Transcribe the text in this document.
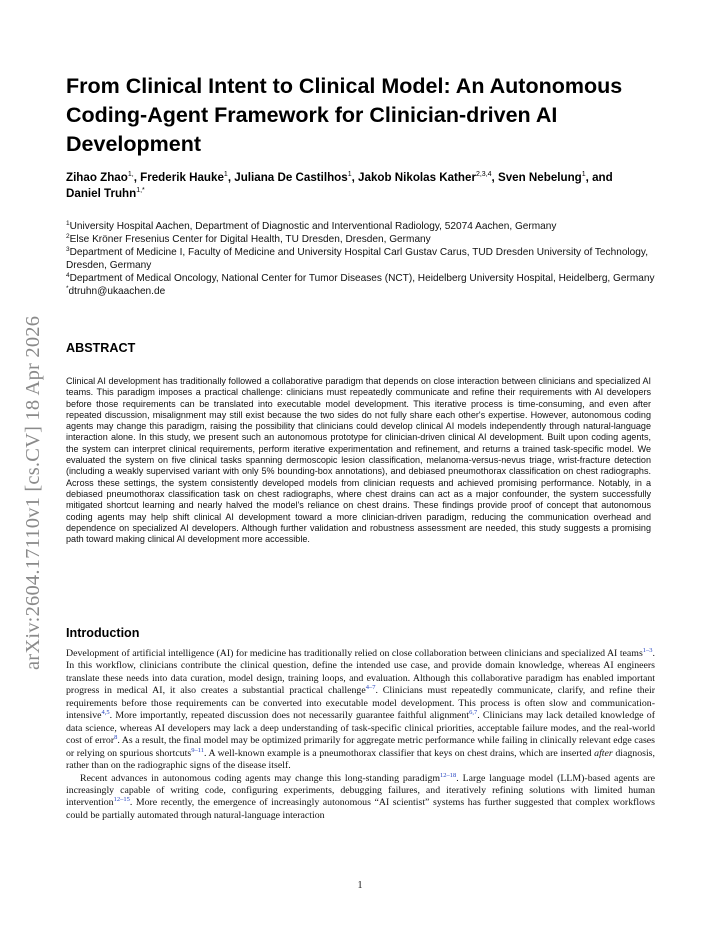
arXiv:2604.17110v1 [cs.CV] 18 Apr 2026
From Clinical Intent to Clinical Model: An Autonomous Coding-Agent Framework for Clinician-driven AI Development
Zihao Zhao$^{1,}$, Frederik Hauke$^1$, Juliana De Castilhos$^1$, Jakob Nikolas Kather$^{2,3,4}$, Sven Nebelung$^1$, and Daniel Truhn$^{1,*}$

$^1$University Hospital Aachen, Department of Diagnostic and Interventional Radiology, 52074 Aachen, Germany

$^2$Else Kröner Fresenius Center for Digital Health, TU Dresden, Dresden, Germany

$^3$Department of Medicine I, Faculty of Medicine and University Hospital Carl Gustav Carus, TUD Dresden University of Technology, Dresden, Germany

$^4$Department of Medical Oncology, National Center for Tumor Diseases (NCT), Heidelberg University Hospital, Heidelberg, Germany

*dtruhn@ukaachen.de

ABSTRACT

Clinical AI development has traditionally followed a collaborative paradigm that depends on close interaction between clinicians and specialized AI teams. This paradigm imposes a practical challenge: clinicians must repeatedly communicate and refine their requirements with AI developers before those requirements can be translated into executable model development. This iterative process is time-consuming, and even after repeated discussion, misalignment may still exist because the two sides do not fully share each other's expertise. However, autonomous coding agents may change this paradigm, raising the possibility that clinicians could develop clinical AI models independently through natural-language interaction alone. In this study, we present such an autonomous prototype for clinician-driven clinical AI development. Built upon coding agents, the system can interpret clinical requirements, perform iterative experimentation and refinement, and returns a trained task-specific model. We evaluated the system on five clinical tasks spanning dermoscopic lesion classification, melanoma-versus-nevus triage, wrist-fracture detection (including a weakly supervised variant with only 5% bounding-box annotations), and debiased pneumothorax classification on chest radiographs. Across these settings, the system consistently developed models from clinician requests and achieved promising performance. Notably, in a debiased pneumothorax classification task on chest radiographs, where chest drains can act as a major confounder, the system successfully mitigated shortcut learning and nearly halved the model's reliance on chest drains. These findings provide proof of concept that autonomous coding agents may help shift clinical AI development toward a more clinician-driven paradigm, reducing the communication overhead and dependence on specialized AI developers. Although further validation and robustness assessment are needed, this study suggests a promising path toward making clinical AI development more accessible.

Introduction

Development of artificial intelligence (AI) for medicine has traditionally relied on close collaboration between clinicians and specialized AI teams$^{1-3}$. In this workflow, clinicians contribute the clinical question, define the intended use case, and provide domain knowledge, whereas AI engineers translate these needs into data curation, model design, training loops, and evaluation. Although this collaborative paradigm has enabled important progress in medical AI, it also creates a substantial practical challenge$^{4-7}$. Clinicians must repeatedly communicate, clarify, and refine their requirements before those requirements can be converted into executable model development. This process is often slow and communication-intensive$^{4,5}$. More importantly, repeated discussion does not necessarily guarantee faithful alignment$^{6,7}$. Clinicians may lack detailed knowledge of data science, whereas AI developers may lack a deep understanding of task-specific clinical priorities, acceptable failure modes, and the real-world cost of error$^8$. As a result, the final model may be optimized primarily for aggregate metric performance while failing in clinically relevant edge cases or relying on spurious shortcuts$^{9-11}$. A well-known example is a pneumothorax classifier that keys on chest drains, which are inserted after diagnosis, rather than on the radiographic signs of the disease itself.

Recent advances in autonomous coding agents may change this long-standing paradigm$^{12-18}$. Large language model (LLM)-based agents are increasingly capable of writing code, configuring experiments, debugging failures, and iteratively refining solutions with limited human intervention$^{12-15}$. More recently, the emergence of increasingly autonomous “AI scientist” systems has further suggested that complex workflows could be partially automated through natural-language interaction

1
